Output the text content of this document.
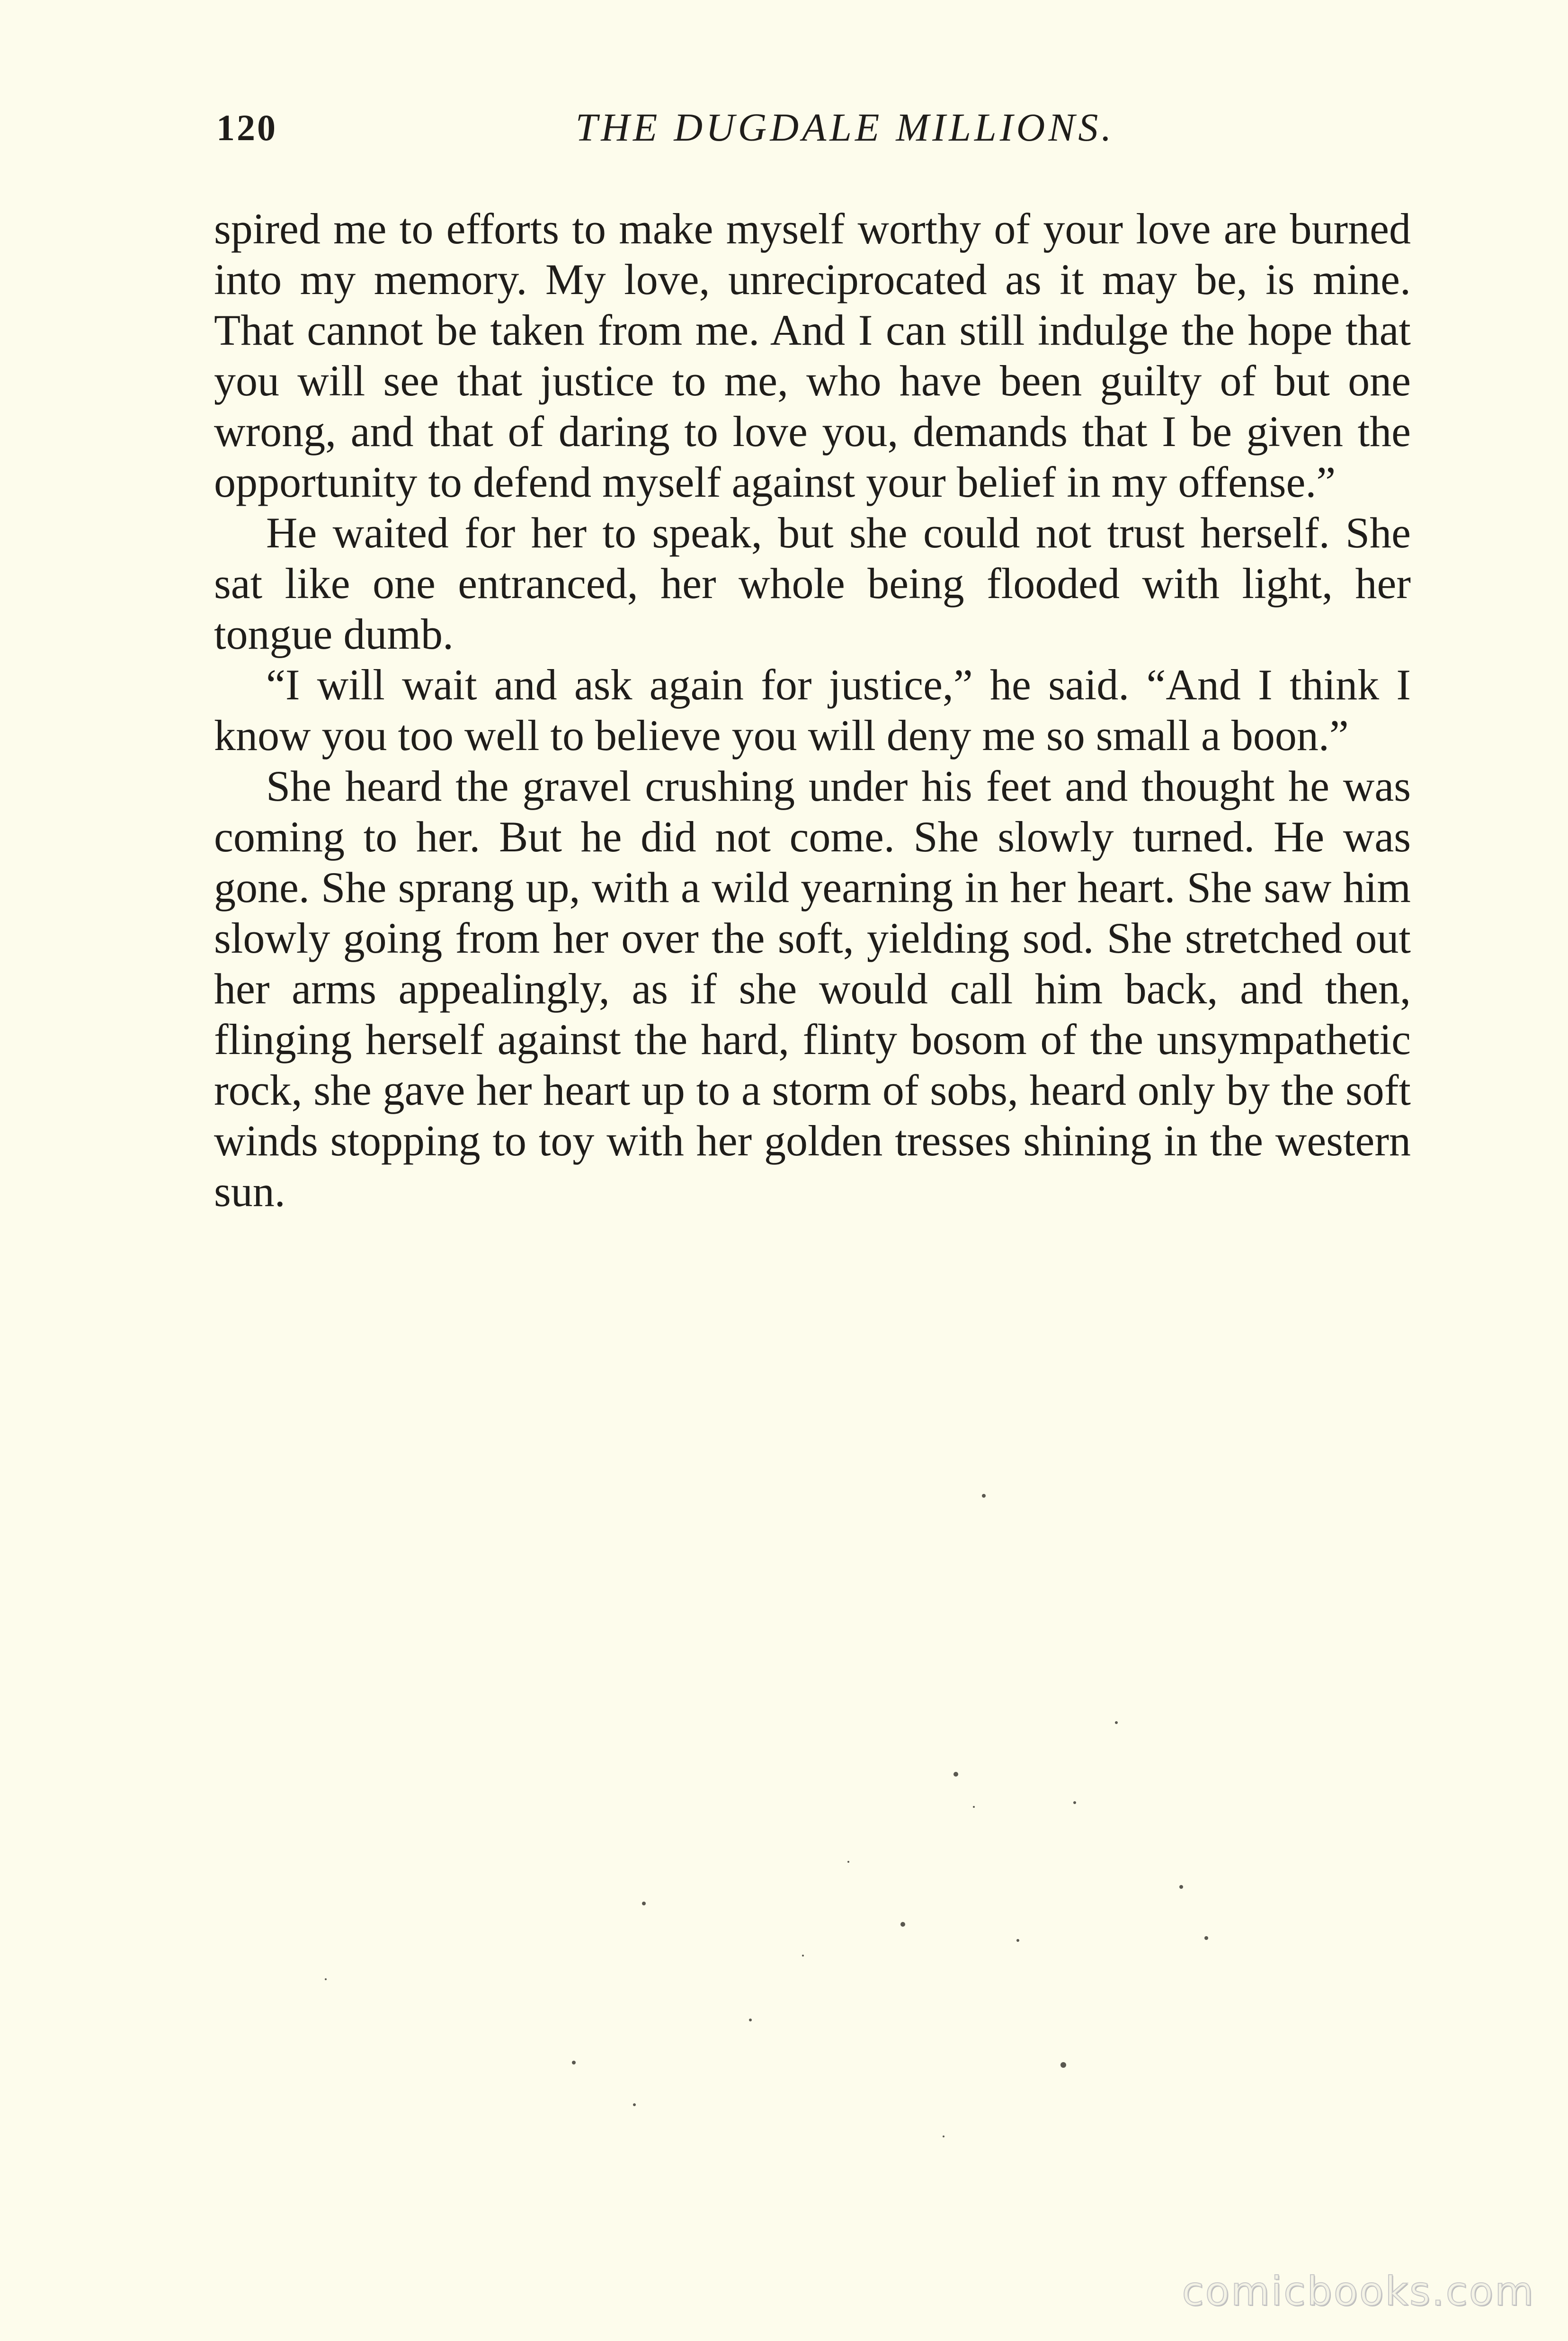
120	THE DUGDALE MILLIONS.

spired me to efforts to make myself worthy of your love are burned into my memory. My love, unreciprocated as it may be, is mine. That cannot be taken from me. And I can still indulge the hope that you will see that justice to me, who have been guilty of but one wrong, and that of daring to love you, demands that I be given the opportunity to defend myself against your belief in my offense.”

He waited for her to speak, but she could not trust herself. She sat like one entranced, her whole being flooded with light, her tongue dumb.

“I will wait and ask again for justice,” he said. “And I think I know you too well to believe you will deny me so small a boon.”

She heard the gravel crushing under his feet and thought he was coming to her. But he did not come. She slowly turned. He was gone. She sprang up, with a wild yearning in her heart. She saw him slowly going from her over the soft, yielding sod. She stretched out her arms appealingly, as if she would call him back, and then, flinging herself against the hard, flinty bosom of the unsympathetic rock, she gave her heart up to a storm of sobs, heard only by the soft winds stopping to toy with her golden tresses shining in the western sun.

comicbooks.com
